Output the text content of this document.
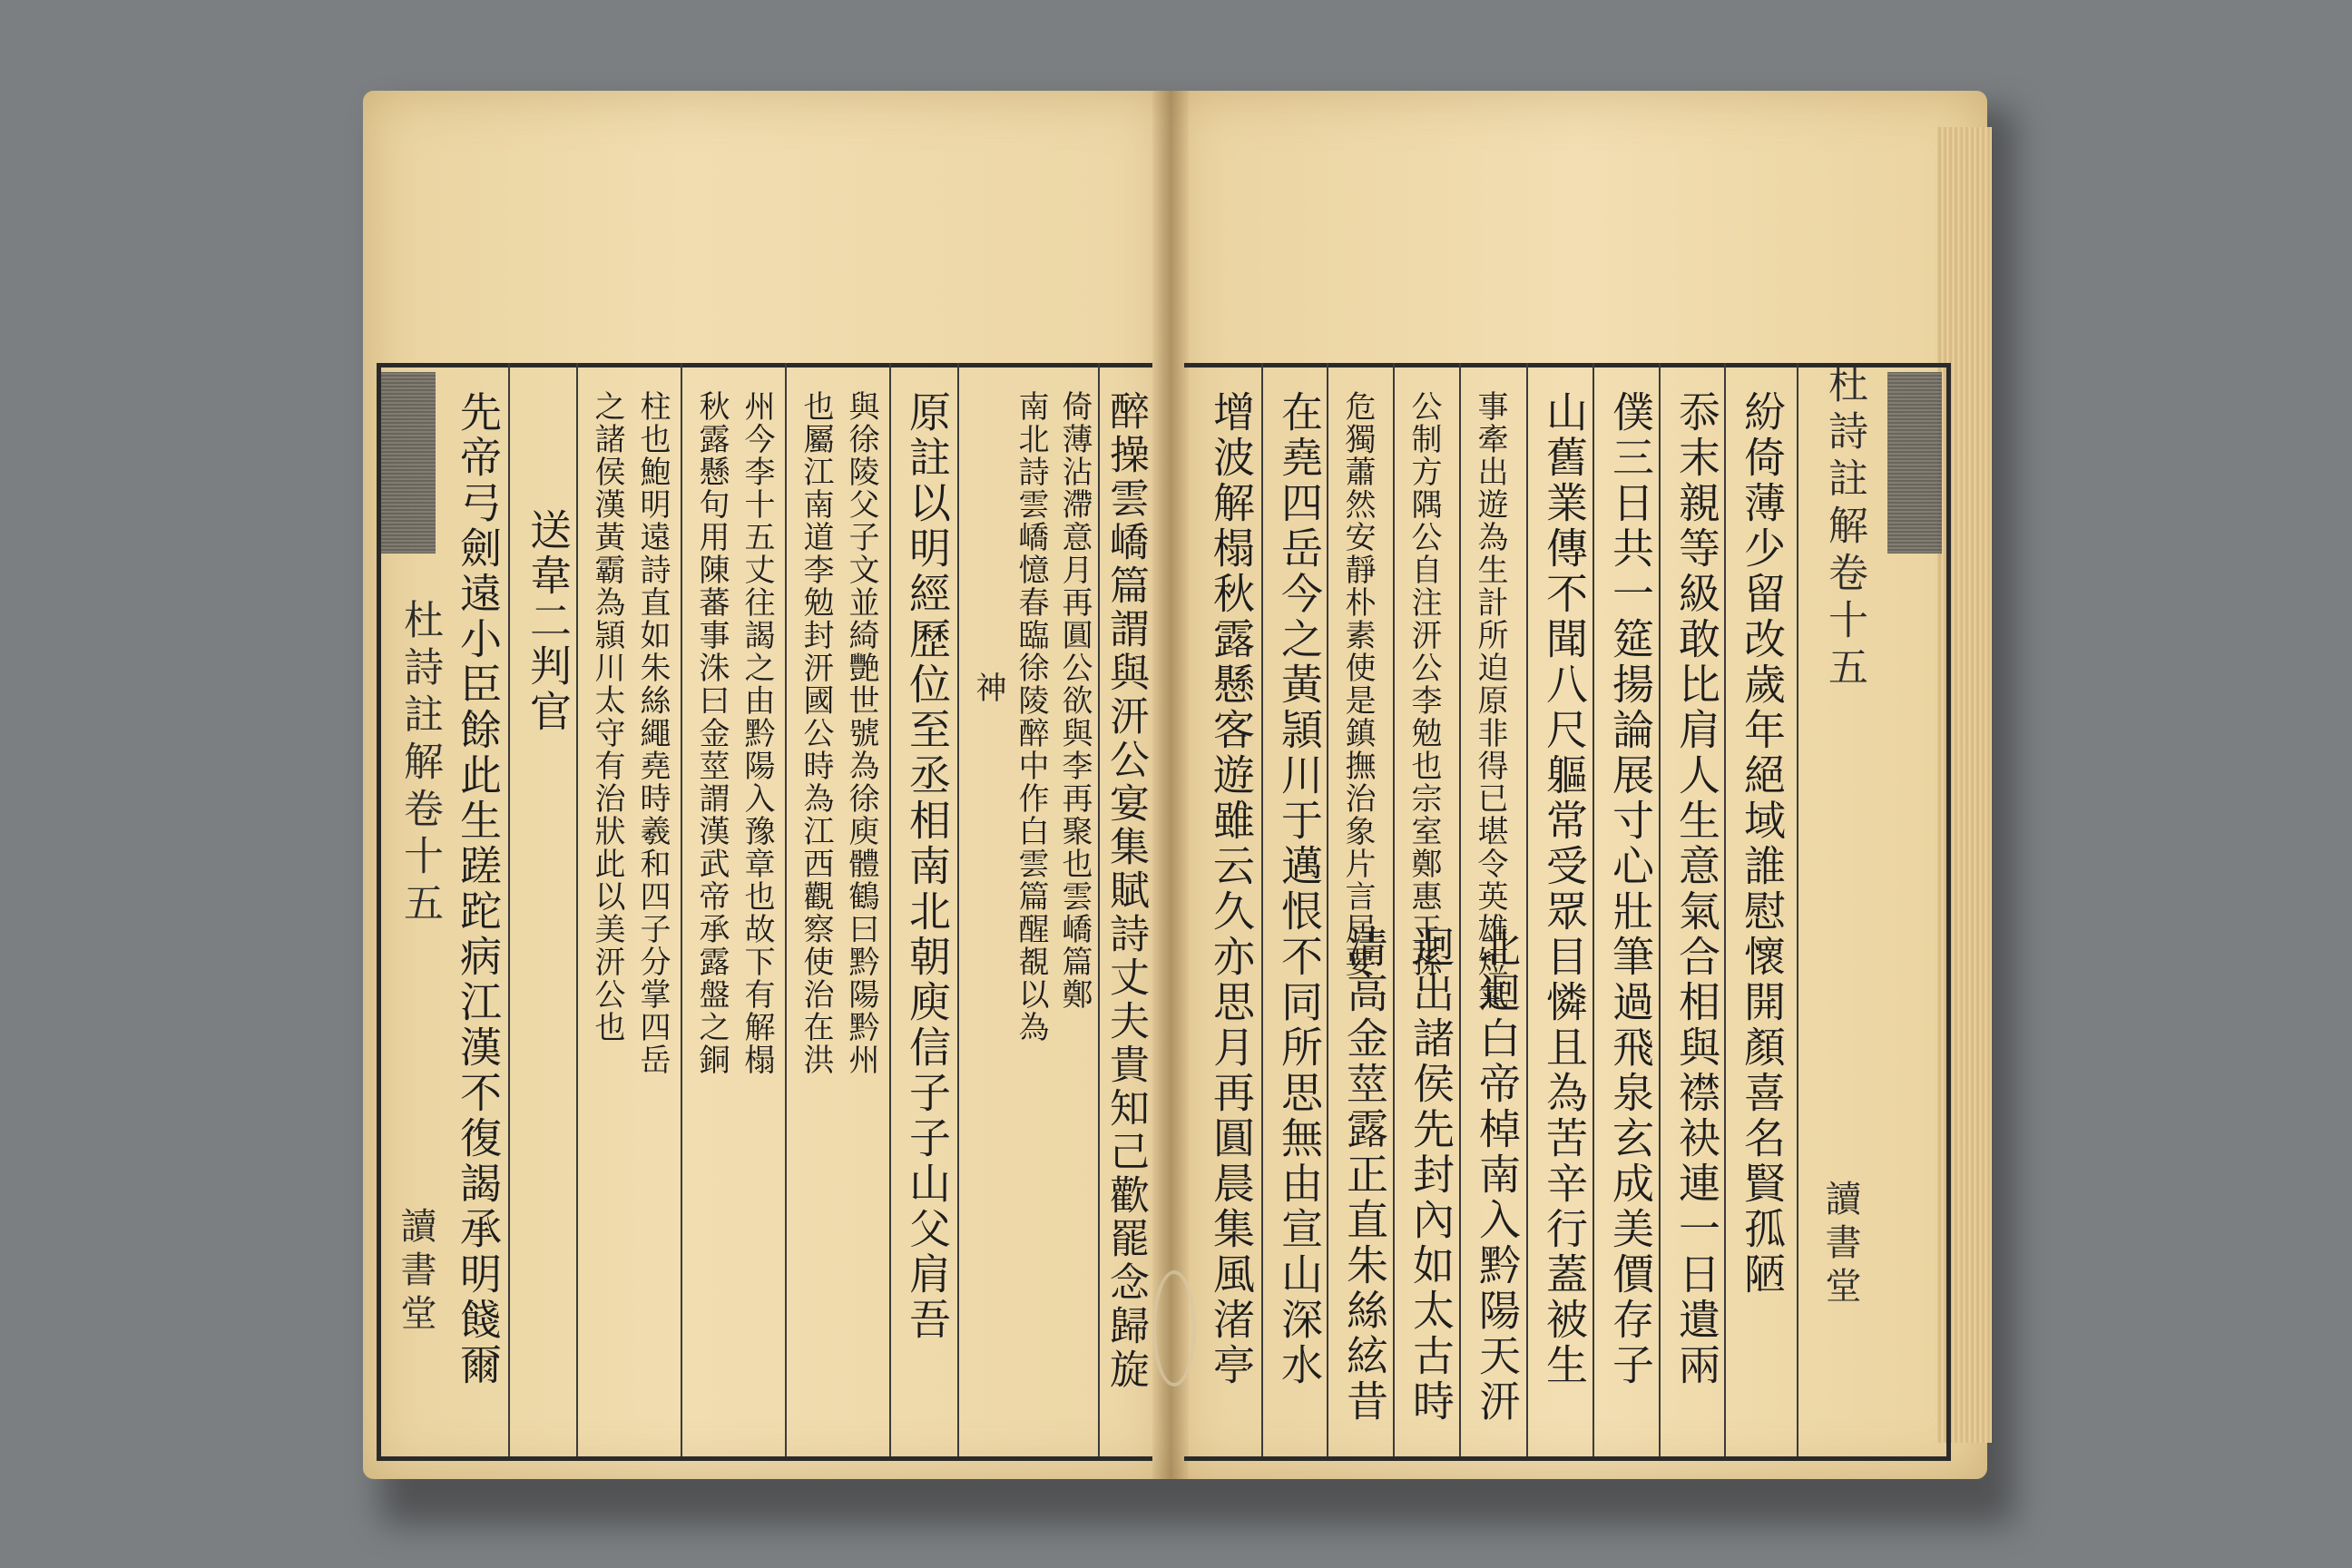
杜詩註解卷十五
讀書堂 先帝弓劍遠小臣餘此生蹉跎病江漢不復謁承明餞爾 送韋二判官 之諸侯漢黃霸為頴川太守有治狀此以美汧公也 柱也鮑明遠詩直如朱絲繩堯時羲和四子分掌四岳 秋露懸句用陳蕃事洙曰金莖謂漢武帝承露盤之銅 州今李十五丈往謁之由黔陽入豫章也故下有解榻 也屬江南道李勉封汧國公時為江西觀察使治在洪 與徐陵父子文並綺艷世號為徐庾體鶴曰黔陽黔州 原註以明經歷位至丞相南北朝庾信子子山父肩吾 神 南北詩雲嶠憶春臨徐陵醉中作白雲篇醒覩以為 倚薄沾滯意月再圓公欲與李再聚也雲嶠篇鄭 醉操雲嶠篇謂與汧公宴集賦詩丈夫貴知己歡罷念歸旋 增波解榻秋露懸客遊雖云久亦思月再圓晨集風渚亭 在堯四岳今之黃頴川于邁恨不同所思無由宣山深水 清高金莖露正直朱絲絃昔
危獨蕭然安靜朴素使是鎮撫治象片言居要
迥出諸侯先封內如太古時
公制方隅公自注汧公李勉也宗室鄭惠王孫
北迴白帝棹南入黔陽天汧
事牽出遊為生計所迫原非得已堪令英雄短氣 山舊業傳不聞八尺軀常受眾目憐且為苦辛行蓋被生 僕三日共一筵揚論展寸心壯筆過飛泉玄成美價存子 忝末親等級敢比肩人生意氣合相與襟袂連一日遺兩 紛倚薄少留改歲年絕域誰慰懷開顏喜名賢孤陋 杜詩註解卷十五
讀書堂
